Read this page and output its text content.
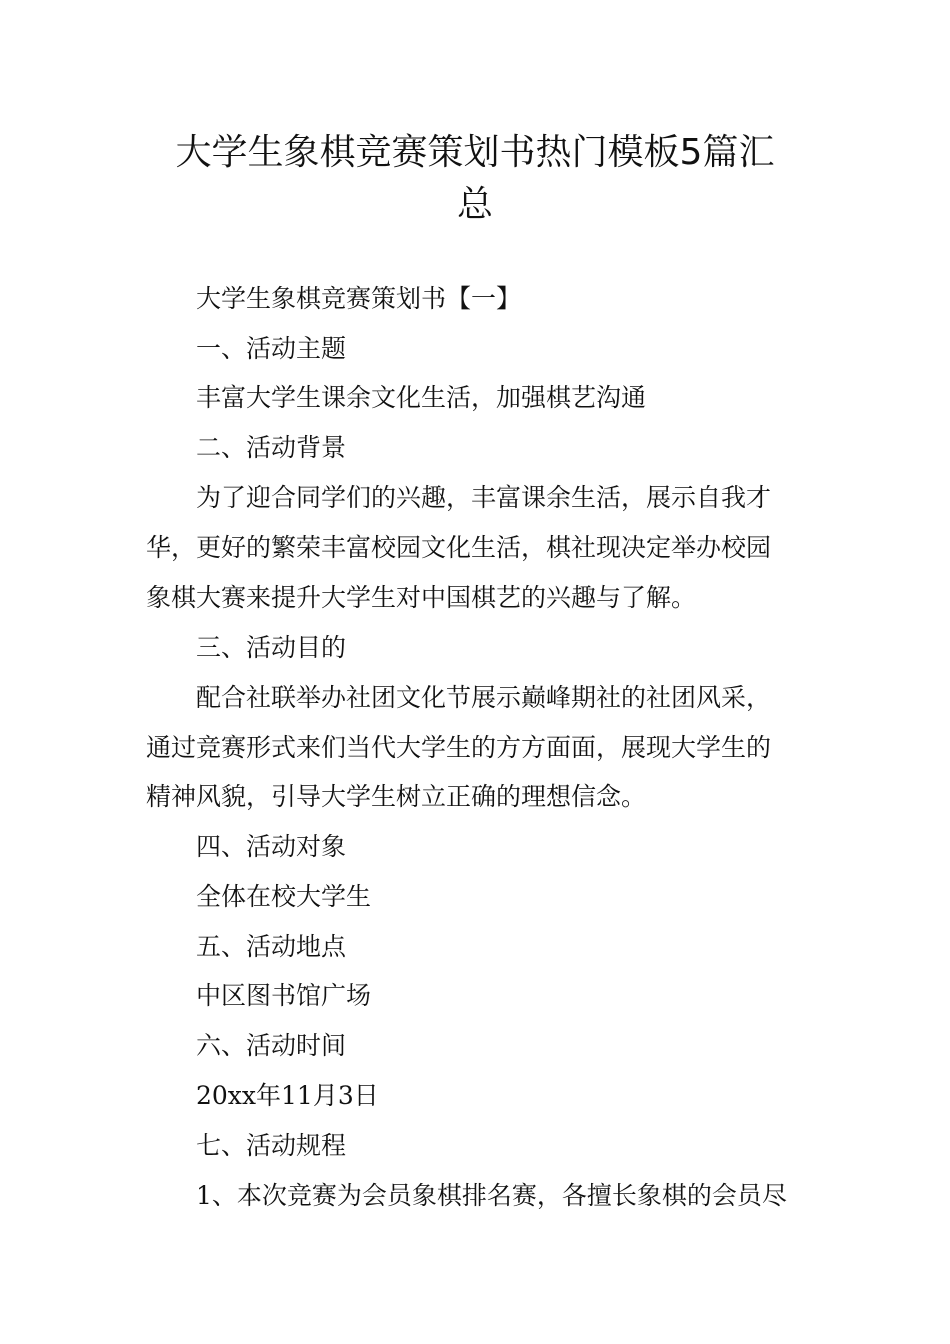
大学生象棋竞赛策划书热门模板5篇汇
总
大学生象棋竞赛策划书【一】
一、活动主题
丰富大学生课余文化生活，加强棋艺沟通
二、活动背景
为了迎合同学们的兴趣，丰富课余生活，展示自我才
华，更好的繁荣丰富校园文化生活，棋社现决定举办校园
象棋大赛来提升大学生对中国棋艺的兴趣与了解。
三、活动目的
配合社联举办社团文化节展示巅峰期社的社团风采，
通过竞赛形式来们当代大学生的方方面面，展现大学生的
精神风貌，引导大学生树立正确的理想信念。
四、活动对象
全体在校大学生
五、活动地点
中区图书馆广场
六、活动时间
20xx年11月3日
七、活动规程
1、本次竞赛为会员象棋排名赛，各擅长象棋的会员尽
